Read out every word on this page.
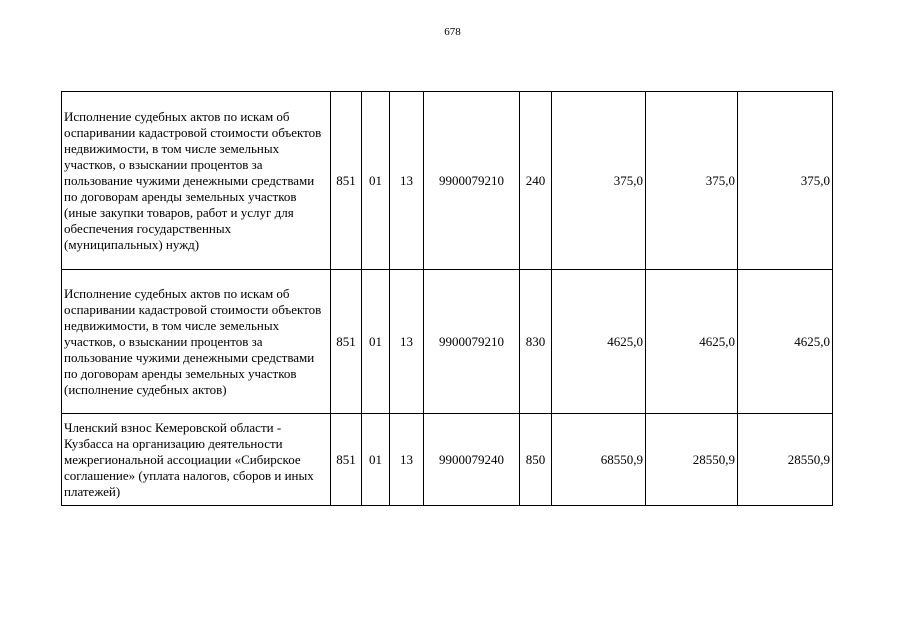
678
Исполнение судебных актов по искам об оспаривании кадастровой стоимости объектов недвижимости, в том числе земельных участков, о взыскании процентов за пользование чужими денежными средствами по договорам аренды земельных участков (иные закупки товаров, работ и услуг для обеспечения государственных (муниципальных) нужд)	851	01	13	9900079210	240	375,0	375,0	375,0
Исполнение судебных актов по искам об оспаривании кадастровой стоимости объектов недвижимости, в том числе земельных участков, о взыскании процентов за пользование чужими денежными средствами по договорам аренды земельных участков (исполнение судебных актов)	851	01	13	9900079210	830	4625,0	4625,0	4625,0
Членский взнос Кемеровской области - Кузбасса на организацию деятельности межрегиональной ассоциации «Сибирское соглашение» (уплата налогов, сборов и иных платежей)	851	01	13	9900079240	850	68550,9	28550,9	28550,9
